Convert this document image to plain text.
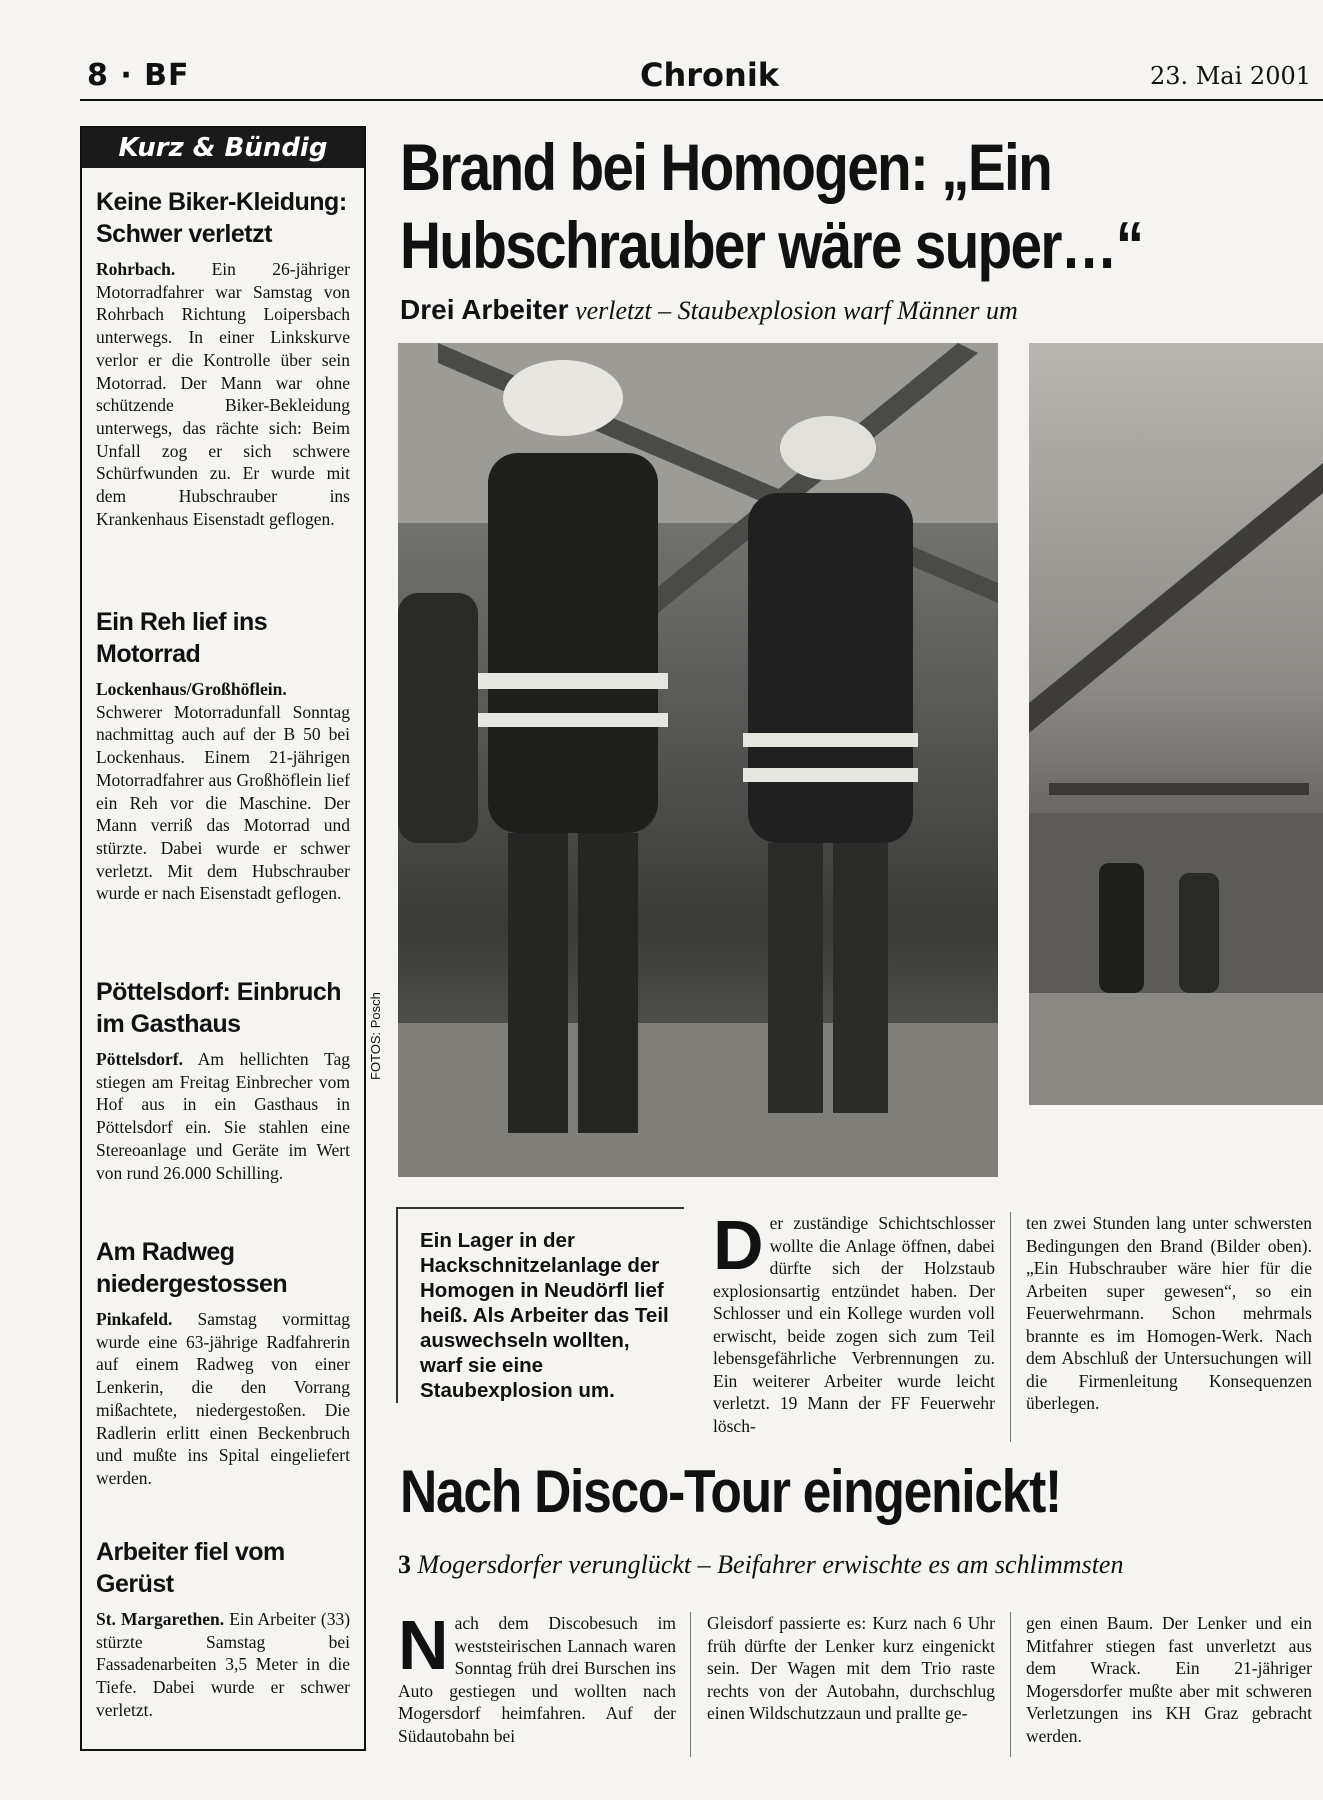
8 · BF	Chronik	23. Mai 2001
Kurz & Bündig
Keine Biker-Kleidung: Schwer verletzt
Rohrbach. Ein 26-jähriger Motorradfahrer war Samstag von Rohrbach Richtung Loipersbach unterwegs. In einer Linkskurve verlor er die Kontrolle über sein Motorrad. Der Mann war ohne schützende Biker-Bekleidung unterwegs, das rächte sich: Beim Unfall zog er sich schwere Schürfwunden zu. Er wurde mit dem Hubschrauber ins Krankenhaus Eisenstadt geflogen.
Ein Reh lief ins Motorrad
Lockenhaus/Großhöflein. Schwerer Motorradunfall Sonntag nachmittag auch auf der B 50 bei Lockenhaus. Einem 21-jährigen Motorradfahrer aus Großhöflein lief ein Reh vor die Maschine. Der Mann verriß das Motorrad und stürzte. Dabei wurde er schwer verletzt. Mit dem Hubschrauber wurde er nach Eisenstadt geflogen.
Pöttelsdorf: Einbruch im Gasthaus
Pöttelsdorf. Am hellichten Tag stiegen am Freitag Einbrecher vom Hof aus in ein Gasthaus in Pöttelsdorf ein. Sie stahlen eine Stereoanlage und Geräte im Wert von rund 26.000 Schilling.
Am Radweg niedergestossen
Pinkafeld. Samstag vormittag wurde eine 63-jährige Radfahrerin auf einem Radweg von einer Lenkerin, die den Vorrang mißachtete, niedergestoßen. Die Radlerin erlitt einen Beckenbruch und mußte ins Spital eingeliefert werden.
Arbeiter fiel vom Gerüst
St. Margarethen. Ein Arbeiter (33) stürzte Samstag bei Fassadenarbeiten 3,5 Meter in die Tiefe. Dabei wurde er schwer verletzt.
Brand bei Homogen: „Ein
Hubschrauber wäre super…“
Drei Arbeiter verletzt – Staubexplosion warf Männer um
FOTOS: Posch
Ein Lager in der Hackschnitzelanlage der Homogen in Neudörfl lief heiß. Als Arbeiter das Teil auswechseln wollten, warf sie eine Staubexplosion um.
Der zuständige Schichtschlosser wollte die Anlage öffnen, dabei dürfte sich der Holzstaub explosionsartig entzündet haben. Der Schlosser und ein Kollege wurden voll erwischt, beide zogen sich zum Teil lebensgefährliche Verbrennungen zu. Ein weiterer Arbeiter wurde leicht verletzt. 19 Mann der FF Feuerwehr lösch-
ten zwei Stunden lang unter schwersten Bedingungen den Brand (Bilder oben). „Ein Hubschrauber wäre hier für die Arbeiten super gewesen“, so ein Feuerwehrmann. Schon mehrmals brannte es im Homogen-Werk. Nach dem Abschluß der Untersuchungen will die Firmenleitung Konsequenzen überlegen.
Nach Disco-Tour eingenickt!
3 Mogersdorfer verunglückt – Beifahrer erwischte es am schlimmsten
Nach dem Discobesuch im weststeirischen Lannach waren Sonntag früh drei Burschen ins Auto gestiegen und wollten nach Mogersdorf heimfahren. Auf der Südautobahn bei
Gleisdorf passierte es: Kurz nach 6 Uhr früh dürfte der Lenker kurz eingenickt sein. Der Wagen mit dem Trio raste rechts von der Autobahn, durchschlug einen Wildschutzzaun und prallte ge-
gen einen Baum. Der Lenker und ein Mitfahrer stiegen fast unverletzt aus dem Wrack. Ein 21-jähriger Mogersdorfer mußte aber mit schweren Verletzungen ins KH Graz gebracht werden.
